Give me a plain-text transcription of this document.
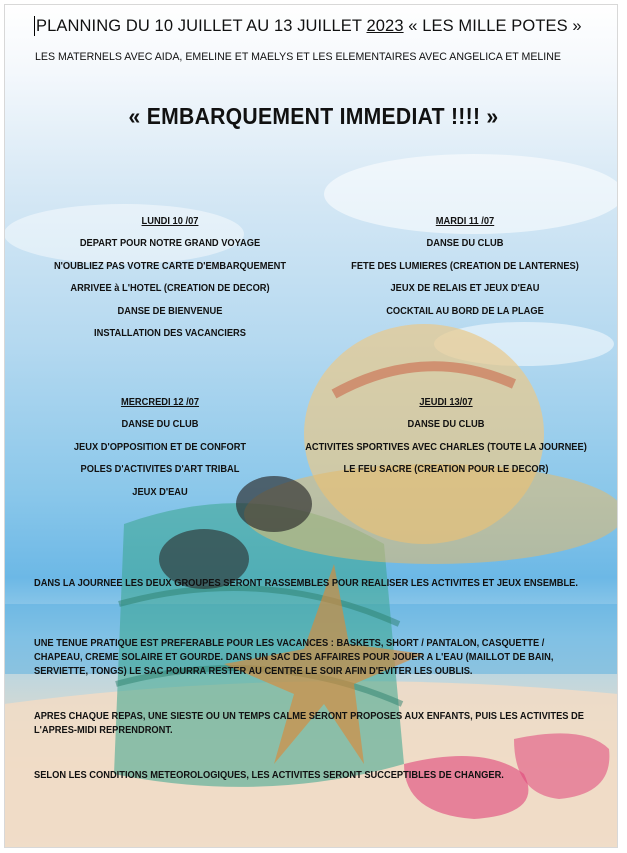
PLANNING DU 10 JUILLET AU 13 JUILLET 2023 « LES MILLE POTES »
LES MATERNELS AVEC AIDA, EMELINE ET MAELYS ET LES ELEMENTAIRES AVEC ANGELICA ET MELINE
« EMBARQUEMENT IMMEDIAT !!!! »
LUNDI 10 /07
DEPART POUR NOTRE GRAND VOYAGE
N'OUBLIEZ PAS VOTRE CARTE D'EMBARQUEMENT
ARRIVEE à L'HOTEL (CREATION DE DECOR)
DANSE DE BIENVENUE
INSTALLATION DES VACANCIERS
MARDI 11 /07
DANSE DU CLUB
FETE DES LUMIERES (CREATION DE LANTERNES)
JEUX DE RELAIS ET JEUX D'EAU
COCKTAIL AU BORD DE LA PLAGE
MERCREDI 12 /07
DANSE DU CLUB
JEUX D'OPPOSITION ET DE CONFORT
POLES D'ACTIVITES D'ART TRIBAL
JEUX D'EAU
JEUDI 13/07
DANSE DU CLUB
ACTIVITES SPORTIVES AVEC CHARLES (TOUTE LA JOURNEE)
LE FEU SACRE (CREATION POUR LE DECOR)
DANS LA JOURNEE LES DEUX GROUPES SERONT RASSEMBLES POUR REALISER LES ACTIVITES ET JEUX ENSEMBLE.
UNE TENUE PRATIQUE EST PREFERABLE POUR LES VACANCES : BASKETS, SHORT / PANTALON, CASQUETTE / CHAPEAU, CREME SOLAIRE ET GOURDE. DANS UN SAC DES AFFAIRES POUR JOUER A L'EAU (MAILLOT DE BAIN, SERVIETTE, TONGS) LE SAC POURRA RESTER AU CENTRE LE SOIR AFIN D'EVITER LES OUBLIS.
APRES CHAQUE REPAS, UNE SIESTE OU UN TEMPS CALME SERONT PROPOSES AUX ENFANTS, PUIS LES ACTIVITES DE L'APRES-MIDI REPRENDRONT.
SELON LES CONDITIONS METEOROLOGIQUES, LES ACTIVITES SERONT SUCCEPTIBLES DE CHANGER.
